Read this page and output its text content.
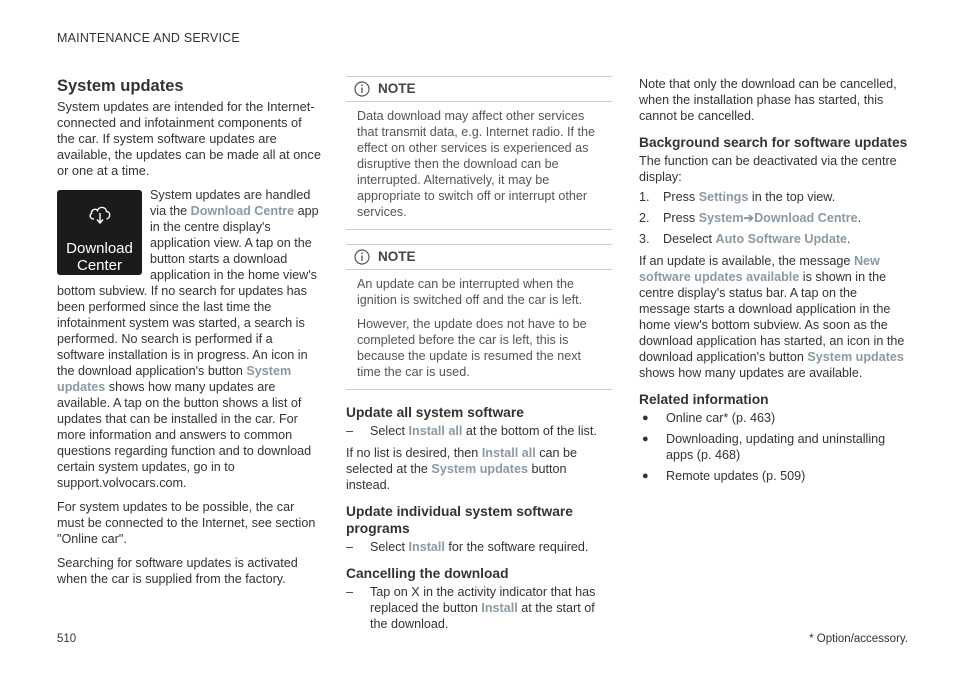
MAINTENANCE AND SERVICE
System updates

System updates are intended for the Internet-connected and infotainment components of the car. If system software updates are available, the updates can be made all at once or one at a time.

Download
Center

System updates are handled via the Download Centre app in the centre display's application view. A tap on the button starts a download application in the home view's bottom subview. If no search for updates has been performed since the last time the infotainment system was started, a search is performed. No search is performed if a software installation is in progress. An icon in the download application's button System updates shows how many updates are available. A tap on the button shows a list of updates that can be installed in the car. For more information and answers to common questions regarding function and to download certain system updates, go in to support.volvocars.com.

For system updates to be possible, the car must be connected to the Internet, see section "Online car".

Searching for software updates is activated when the car is supplied from the factory.

NOTE

Data download may affect other services that transmit data, e.g. Internet radio. If the effect on other services is experienced as disruptive then the download can be interrupted. Alternatively, it may be appropriate to switch off or interrupt other services.

NOTE

An update can be interrupted when the ignition is switched off and the car is left.

However, the update does not have to be completed before the car is left, this is because the update is resumed the next time the car is used.

Update all system software
–	Select Install all at the bottom of the list.

If no list is desired, then Install all can be selected at the System updates button instead.

Update individual system software programs
–	Select Install for the software required.
Cancelling the download
–	Tap on X in the activity indicator that has replaced the button Install at the start of the download.

Note that only the download can be cancelled, when the installation phase has started, this cannot be cancelled.

Background search for software updates

The function can be deactivated via the centre display:

1.	Press Settings in the top view.
2.	Press System➔Download Centre.
3.	Deselect Auto Software Update.

If an update is available, the message New software updates available is shown in the centre display's status bar. A tap on the message starts a download application in the home view's bottom subview. As soon as the download application has started, an icon in the download application's button System updates shows how many updates are available.

Related information
●	Online car* (p. 463)
●	Downloading, updating and uninstalling apps (p. 468)
●	Remote updates (p. 509)
510	* Option/accessory.
